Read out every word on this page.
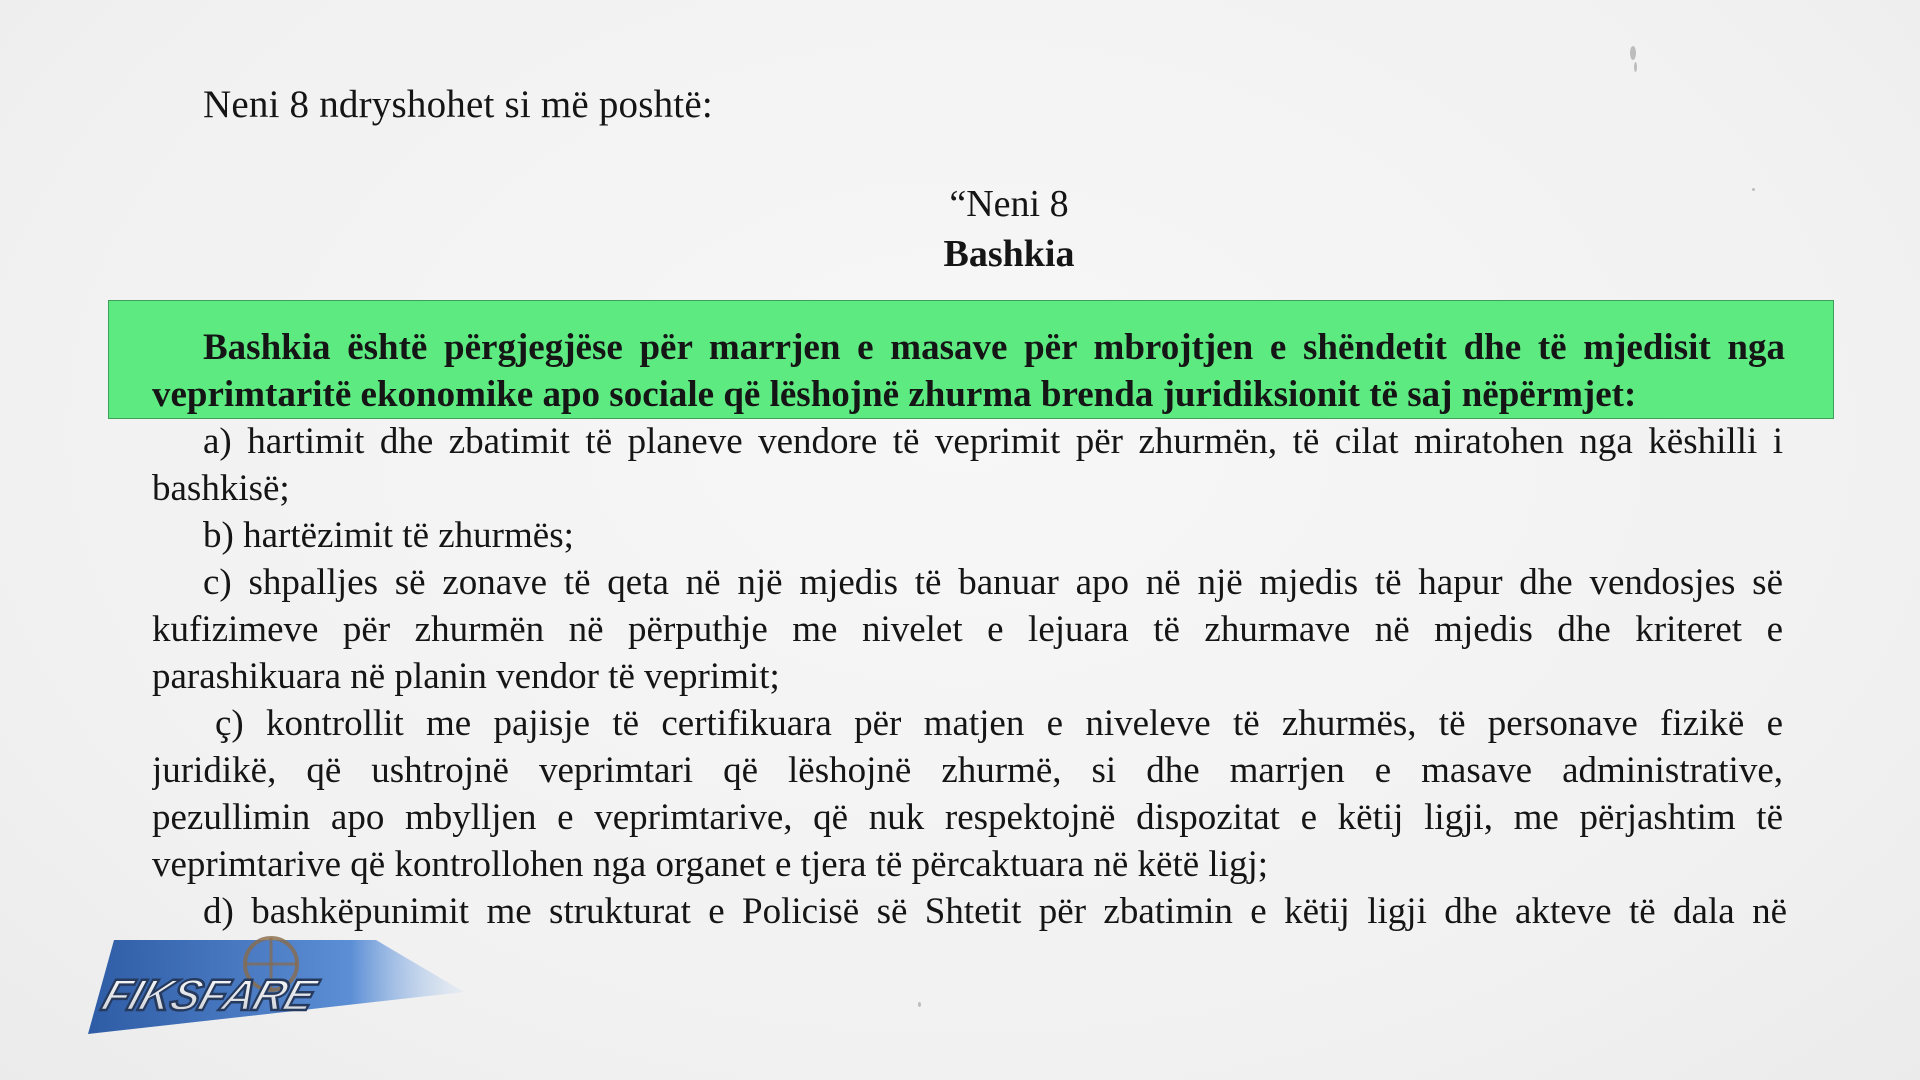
Neni 8 ndryshohet si më poshtë:
“Neni 8
Bashkia
Bashkia është përgjegjëse për marrjen e masave për mbrojtjen e shëndetit dhe të mjedisit nga
veprimtaritë ekonomike apo sociale që lëshojnë zhurma brenda juridiksionit të saj nëpërmjet:
a) hartimit dhe zbatimit të planeve vendore të veprimit për zhurmën, të cilat miratohen nga këshilli i
bashkisë;
b) hartëzimit të zhurmës;
c) shpalljes së zonave të qeta në një mjedis të banuar apo në një mjedis të hapur dhe vendosjes së
kufizimeve për zhurmën në përputhje me nivelet e lejuara të zhurmave në mjedis dhe kriteret e
parashikuara në planin vendor të veprimit;
ç) kontrollit me pajisje të certifikuara për matjen e niveleve të zhurmës, të personave fizikë e
juridikë, që ushtrojnë veprimtari që lëshojnë zhurmë, si dhe marrjen e masave administrative,
pezullimin apo mbylljen e veprimtarive, që nuk respektojnë dispozitat e këtij ligji, me përjashtim të
veprimtarive që kontrollohen nga organet e tjera të përcaktuara në këtë ligj;
d) bashkëpunimit me strukturat e Policisë së Shtetit për zbatimin e këtij ligji dhe akteve të dala në
FIKSFARE
